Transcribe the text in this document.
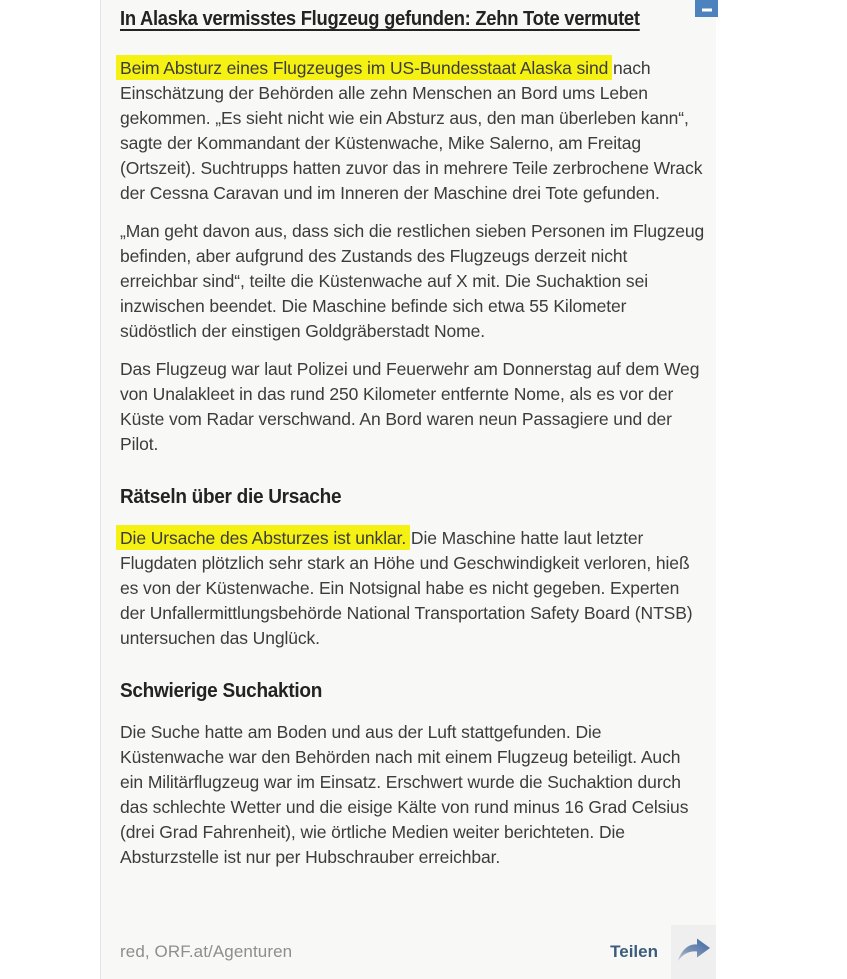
In Alaska vermisstes Flugzeug gefunden: Zehn Tote vermutet

Beim Absturz eines Flugzeuges im US-Bundesstaat Alaska sind nach Einschätzung der Behörden alle zehn Menschen an Bord ums Leben gekommen. „Es sieht nicht wie ein Absturz aus, den man überleben kann“, sagte der Kommandant der Küstenwache, Mike Salerno, am Freitag (Ortszeit). Suchtrupps hatten zuvor das in mehrere Teile zerbrochene Wrack der Cessna Caravan und im Inneren der Maschine drei Tote gefunden.

„Man geht davon aus, dass sich die restlichen sieben Personen im Flugzeug befinden, aber aufgrund des Zustands des Flugzeugs derzeit nicht erreichbar sind“, teilte die Küstenwache auf X mit. Die Suchaktion sei inzwischen beendet. Die Maschine befinde sich etwa 55 Kilometer südöstlich der einstigen Goldgräberstadt Nome.

Das Flugzeug war laut Polizei und Feuerwehr am Donnerstag auf dem Weg von Unalakleet in das rund 250 Kilometer entfernte Nome, als es vor der Küste vom Radar verschwand. An Bord waren neun Passagiere und der Pilot.

Rätseln über die Ursache

Die Ursache des Absturzes ist unklar. Die Maschine hatte laut letzter Flugdaten plötzlich sehr stark an Höhe und Geschwindigkeit verloren, hieß es von der Küstenwache. Ein Notsignal habe es nicht gegeben. Experten der Unfallermittlungsbehörde National Transportation Safety Board (NTSB) untersuchen das Unglück.

Schwierige Suchaktion

Die Suche hatte am Boden und aus der Luft stattgefunden. Die Küstenwache war den Behörden nach mit einem Flugzeug beteiligt. Auch ein Militärflugzeug war im Einsatz. Erschwert wurde die Suchaktion durch das schlechte Wetter und die eisige Kälte von rund minus 16 Grad Celsius (drei Grad Fahrenheit), wie örtliche Medien weiter berichteten. Die Absturzstelle ist nur per Hubschrauber erreichbar.

red, ORF.at/Agenturen	Teilen
